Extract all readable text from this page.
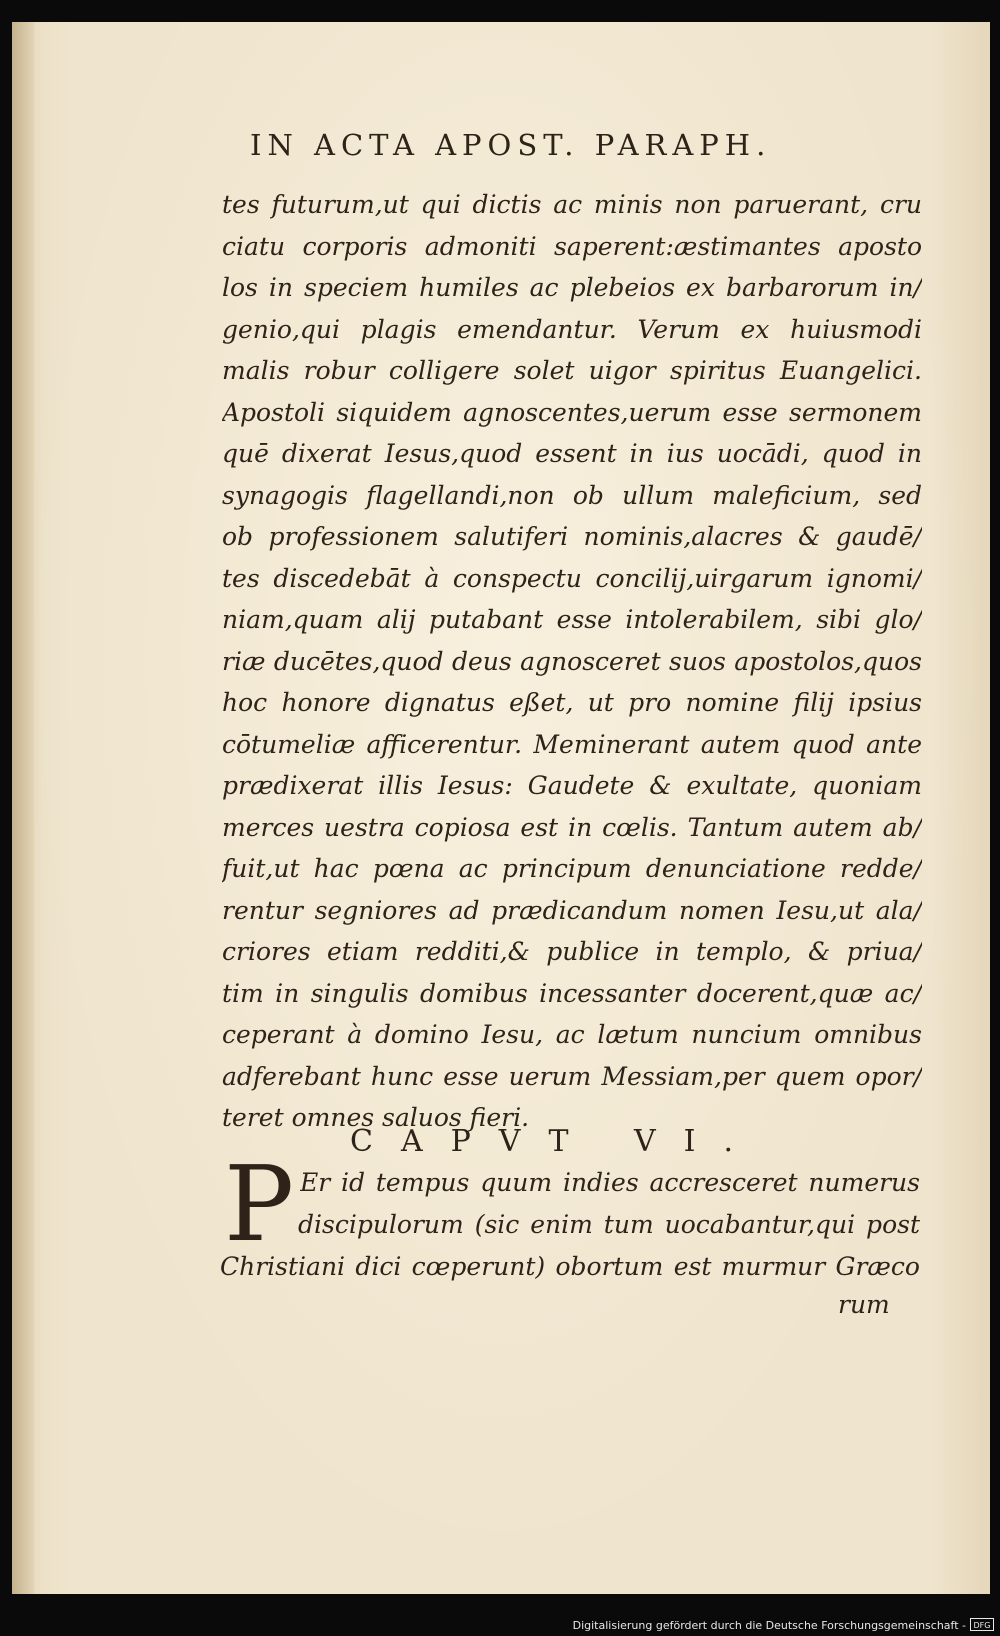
IN ACTA APOST. PARAPH.
tes futurum,ut qui dictis ac minis non paruerant, cru
ciatu corporis admoniti saperent:æstimantes aposto
los in speciem humiles ac plebeios ex barbarorum in/
genio,qui plagis emendantur. Verum ex huiusmodi
malis robur colligere solet uigor spiritus Euangelici.
Apostoli siquidem agnoscentes,uerum esse sermonem
quē dixerat Iesus,quod essent in ius uocādi, quod in
synagogis flagellandi,non ob ullum maleficium, sed
ob professionem salutiferi nominis,alacres & gaudē/
tes discedebāt à conspectu concilij,uirgarum ignomi/
niam,quam alij putabant esse intolerabilem, sibi glo/
riæ ducētes,quod deus agnosceret suos apostolos,quos
hoc honore dignatus eßet, ut pro nomine filij ipsius
cōtumeliæ afficerentur. Meminerant autem quod ante
prædixerat illis Iesus: Gaudete & exultate, quoniam
merces uestra copiosa est in cœlis. Tantum autem ab/
fuit,ut hac pœna ac principum denunciatione redde/
rentur segniores ad prædicandum nomen Iesu,ut ala/
criores etiam redditi,& publice in templo, & priua/
tim in singulis domibus incessanter docerent,quæ ac/
ceperant à domino Iesu, ac lætum nuncium omnibus
adferebant hunc esse uerum Messiam,per quem opor/
teret omnes saluos fieri.
CAPVT VI.
P Er id tempus quum indies accresceret numerus
discipulorum (sic enim tum uocabantur,qui post
Christiani dici cœperunt) obortum est murmur Græco
rum
Digitalisierung gefördert durch die Deutsche Forschungsgemeinschaft - DFG
